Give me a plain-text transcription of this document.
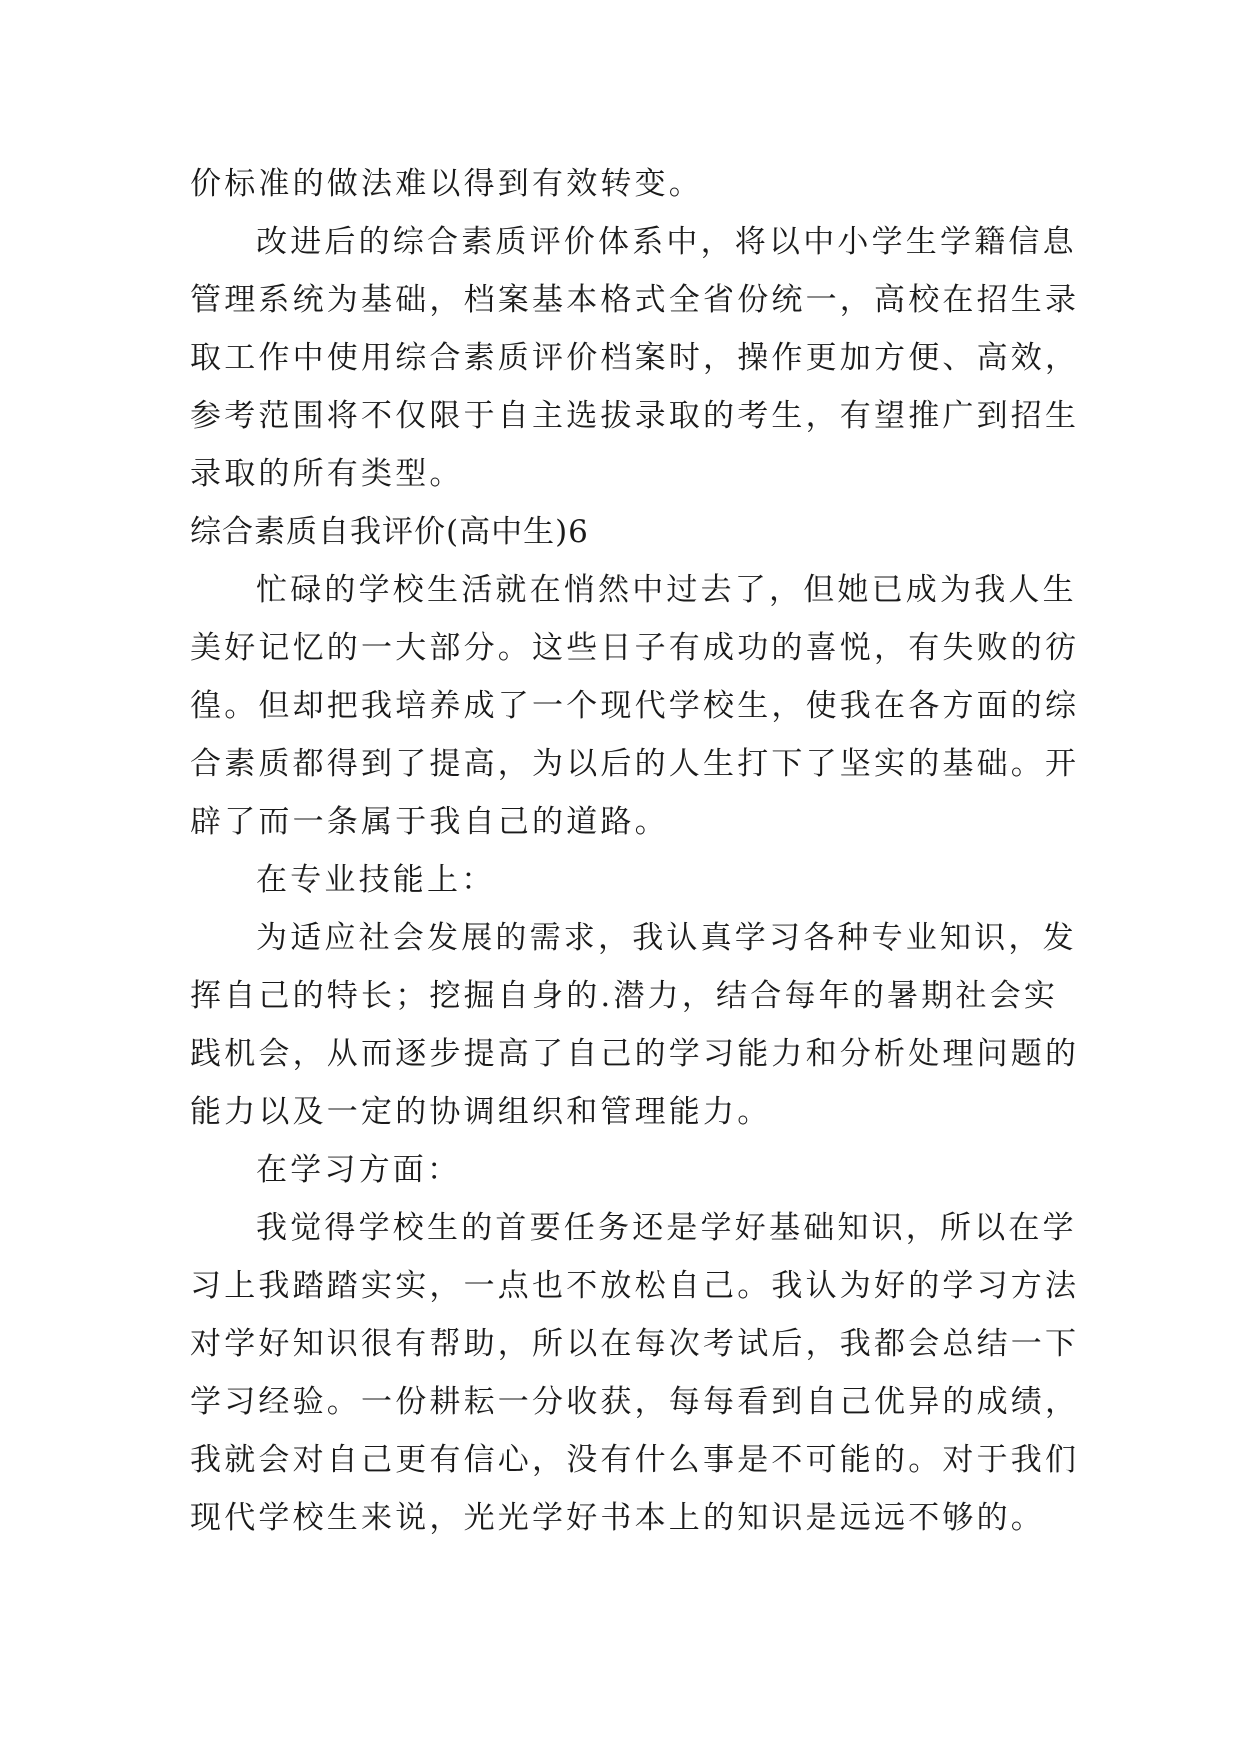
价标准的做法难以得到有效转变。
改进后的综合素质评价体系中，将以中小学生学籍信息
管理系统为基础，档案基本格式全省份统一，高校在招生录
取工作中使用综合素质评价档案时，操作更加方便、高效，
参考范围将不仅限于自主选拔录取的考生，有望推广到招生
录取的所有类型。
综合素质自我评价(高中生)6
忙碌的学校生活就在悄然中过去了，但她已成为我人生
美好记忆的一大部分。这些日子有成功的喜悦，有失败的彷
徨。但却把我培养成了一个现代学校生，使我在各方面的综
合素质都得到了提高，为以后的人生打下了坚实的基础。开
辟了而一条属于我自己的道路。
在专业技能上：
为适应社会发展的需求，我认真学习各种专业知识，发
挥自己的特长；挖掘自身的.潜力，结合每年的暑期社会实
践机会，从而逐步提高了自己的学习能力和分析处理问题的
能力以及一定的协调组织和管理能力。
在学习方面：
我觉得学校生的首要任务还是学好基础知识，所以在学
习上我踏踏实实，一点也不放松自己。我认为好的学习方法
对学好知识很有帮助，所以在每次考试后，我都会总结一下
学习经验。一份耕耘一分收获，每每看到自己优异的成绩，
我就会对自己更有信心，没有什么事是不可能的。对于我们
现代学校生来说，光光学好书本上的知识是远远不够的。
